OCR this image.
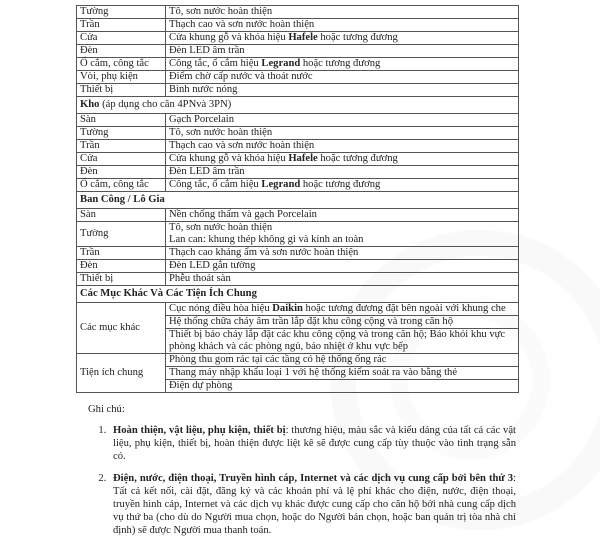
Tường	Tô, sơn nước hoàn thiện
Trần	Thạch cao và sơn nước hoàn thiện
Cửa	Cửa khung gỗ và khóa hiệu Hafele hoặc tương đương
Đèn	Đèn LED âm trần
Ổ cắm, công tắc	Công tắc, ổ cắm hiệu Legrand hoặc tương đương
Vòi, phụ kiện	Điểm chờ cấp nước và thoát nước
Thiết bị	Bình nước nóng
Kho (áp dụng cho căn 4PNvà 3PN)	
Sàn	Gạch Porcelain
Tường	Tô, sơn nước hoàn thiện
Trần	Thạch cao và sơn nước hoàn thiện
Cửa	Cửa khung gỗ và khóa hiệu Hafele hoặc tương đương
Đèn	Đèn LED âm trần
Ổ cắm, công tắc	Công tắc, ổ cắm hiệu Legrand hoặc tương đương
Ban Công / Lô Gia	
Sàn	Nền chống thấm và gạch Porcelain
Tường	Tô, sơn nước hoàn thiện
Lan can: khung thép không gỉ và kính an toàn
Trần	Thạch cao kháng ẩm và sơn nước hoàn thiện
Đèn	Đèn LED gắn tường
Thiết bị	Phễu thoát sàn
Các Mục Khác Và Các Tiện Ích Chung	
Các mục khác	Cục nóng điều hòa hiệu Daikin hoặc tương đương đặt bên ngoài với khung che
	Hệ thống chữa cháy âm trần lắp đặt khu công cộng và trong căn hộ
	Thiết bị báo cháy lắp đặt các khu công cộng và trong căn hộ; Báo khói khu vực phòng khách và các phòng ngủ, báo nhiệt ở khu vực bếp
Tiện ích chung	Phòng thu gom rác tại các tầng có hệ thống ống rác
	Thang máy nhập khẩu loại 1 với hệ thống kiểm soát ra vào bằng thẻ
	Điện dự phòng
Ghi chú:
1. Hoàn thiện, vật liệu, phụ kiện, thiết bị: thương hiệu, màu sắc và kiểu dáng của tất cả các vật liệu, phụ kiện, thiết bị, hoàn thiện được liệt kê sẽ được cung cấp tùy thuộc vào tình trạng sẵn có.
2. Điện, nước, điện thoại, Truyền hình cáp, Internet và các dịch vụ cung cấp bởi bên thứ 3: Tất cả kết nối, cài đặt, đăng ký và các khoản phí và lệ phí khác cho điện, nước, điện thoại, truyền hình cáp, Internet và các dịch vụ khác được cung cấp cho căn hộ bởi nhà cung cấp dịch vụ thứ ba (cho dù do Người mua chọn, hoặc do Người bán chọn, hoặc ban quản trị tòa nhà chỉ định) sẽ được Người mua thanh toán.
